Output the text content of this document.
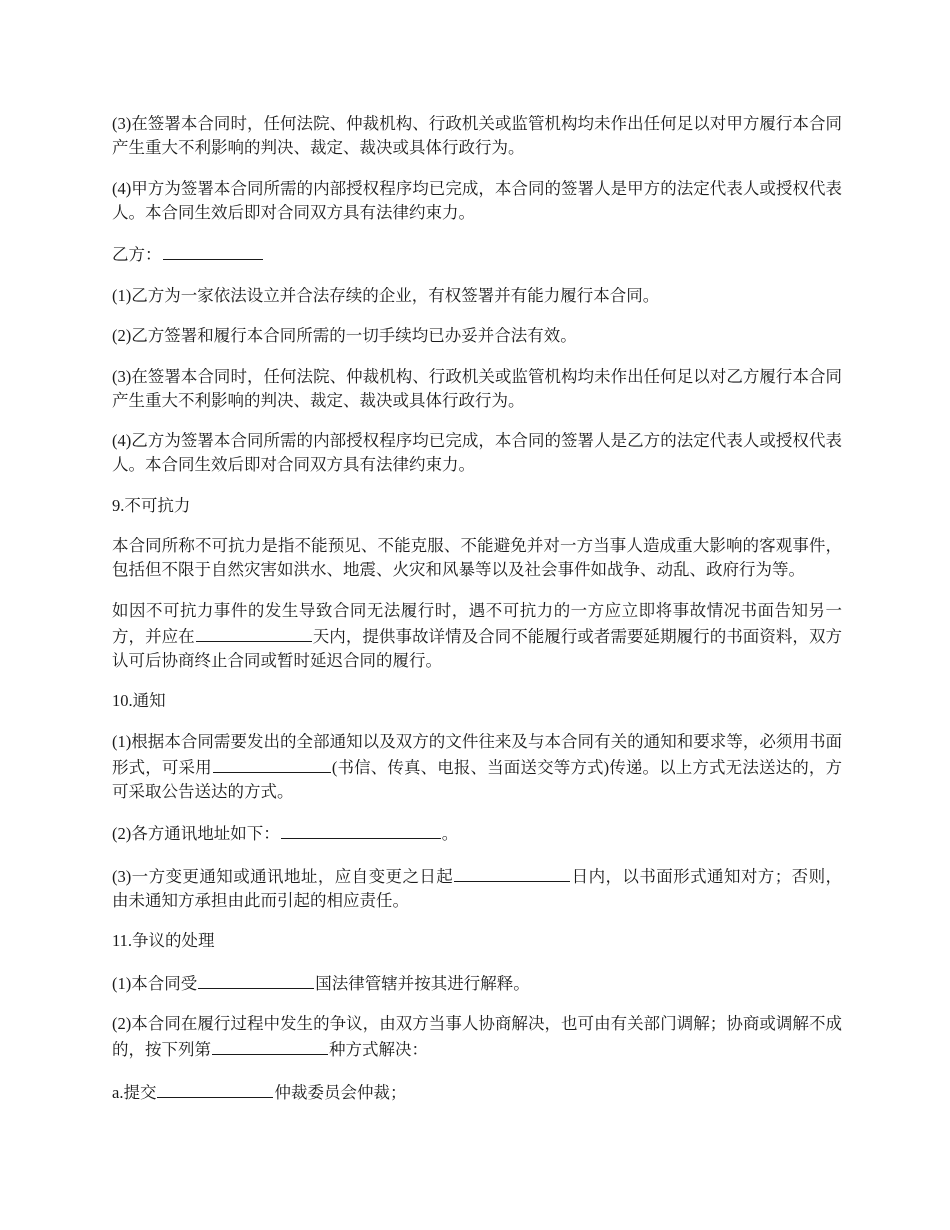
(3)在签署本合同时，任何法院、仲裁机构、行政机关或监管机构均未作出任何足以对甲方履行本合同产生重大不利影响的判决、裁定、裁决或具体行政行为。

(4)甲方为签署本合同所需的内部授权程序均已完成，本合同的签署人是甲方的法定代表人或授权代表人。本合同生效后即对合同双方具有法律约束力。

乙方：

(1)乙方为一家依法设立并合法存续的企业，有权签署并有能力履行本合同。

(2)乙方签署和履行本合同所需的一切手续均已办妥并合法有效。

(3)在签署本合同时，任何法院、仲裁机构、行政机关或监管机构均未作出任何足以对乙方履行本合同产生重大不利影响的判决、裁定、裁决或具体行政行为。

(4)乙方为签署本合同所需的内部授权程序均已完成，本合同的签署人是乙方的法定代表人或授权代表人。本合同生效后即对合同双方具有法律约束力。

9.不可抗力

本合同所称不可抗力是指不能预见、不能克服、不能避免并对一方当事人造成重大影响的客观事件，包括但不限于自然灾害如洪水、地震、火灾和风暴等以及社会事件如战争、动乱、政府行为等。

如因不可抗力事件的发生导致合同无法履行时，遇不可抗力的一方应立即将事故情况书面告知另一方，并应在	天内，提供事故详情及合同不能履行或者需要延期履行的书面资料，双方认可后协商终止合同或暂时延迟合同的履行。

10.通知

(1)根据本合同需要发出的全部通知以及双方的文件往来及与本合同有关的通知和要求等，必须用书面形式，可采用	(书信、传真、电报、当面送交等方式)传递。以上方式无法送达的，方可采取公告送达的方式。

(2)各方通讯地址如下：	。

(3)一方变更通知或通讯地址，应自变更之日起	日内，以书面形式通知对方；否则，由未通知方承担由此而引起的相应责任。

11.争议的处理

(1)本合同受	国法律管辖并按其进行解释。

(2)本合同在履行过程中发生的争议，由双方当事人协商解决，也可由有关部门调解；协商或调解不成的，按下列第	种方式解决：

a.提交	仲裁委员会仲裁；
